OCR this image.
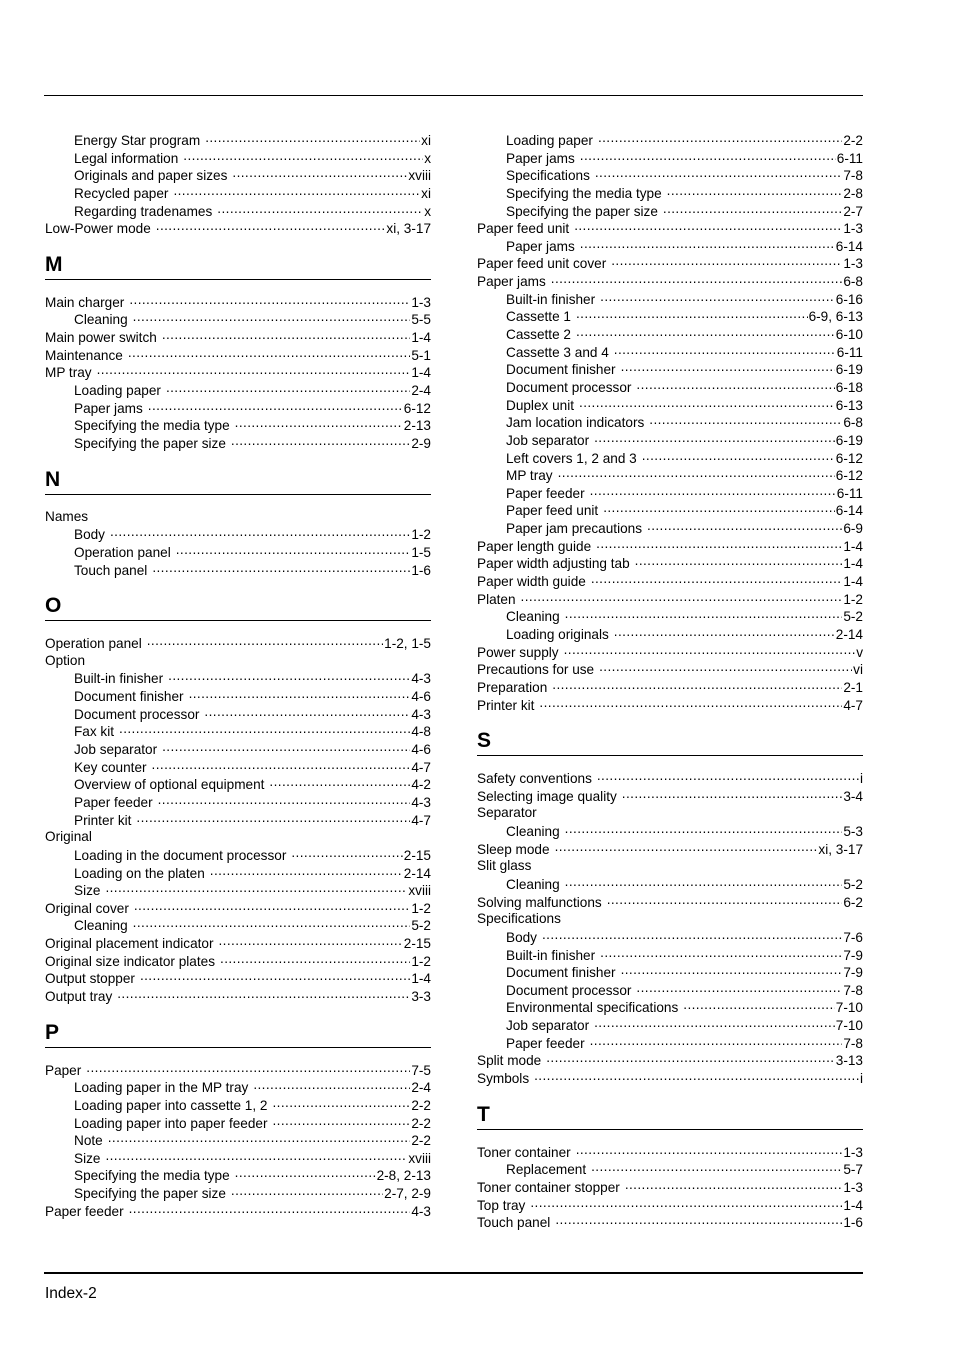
Energy Star program .....	xi
Legal information .....	x
Originals and paper sizes .....	xviii
Recycled paper .....	xi
Regarding tradenames .....	x
Low-Power mode .....	xi, 3-17
M
Main charger .....	1-3
Cleaning .....	5-5
Main power switch .....	1-4
Maintenance .....	5-1
MP tray .....	1-4
Loading paper .....	2-4
Paper jams .....	6-12
Specifying the media type .....	2-13
Specifying the paper size .....	2-9
N
Names
Body .....	1-2
Operation panel .....	1-5
Touch panel .....	1-6
O
Operation panel .....	1-2, 1-5
Option
Built-in finisher .....	4-3
Document finisher .....	4-6
Document processor .....	4-3
Fax kit .....	4-8
Job separator .....	4-6
Key counter .....	4-7
Overview of optional equipment .....	4-2
Paper feeder .....	4-3
Printer kit .....	4-7
Original
Loading in the document processor .....	2-15
Loading on the platen .....	2-14
Size .....	xviii
Original cover .....	1-2
Cleaning .....	5-2
Original placement indicator .....	2-15
Original size indicator plates .....	1-2
Output stopper .....	1-4
Output tray .....	3-3
P
Paper .....	7-5
Loading paper in the MP tray .....	2-4
Loading paper into cassette 1, 2 .....	2-2
Loading paper into paper feeder .....	2-2
Note .....	2-2
Size .....	xviii
Specifying the media type .....	2-8, 2-13
Specifying the paper size .....	2-7, 2-9
Paper feeder .....	4-3
Loading paper .....	2-2
Paper jams .....	6-11
Specifications .....	7-8
Specifying the media type .....	2-8
Specifying the paper size .....	2-7
Paper feed unit .....	1-3
Paper jams .....	6-14
Paper feed unit cover .....	1-3
Paper jams .....	6-8
Built-in finisher .....	6-16
Cassette 1 .....	6-9, 6-13
Cassette 2 .....	6-10
Cassette 3 and 4 .....	6-11
Document finisher .....	6-19
Document processor .....	6-18
Duplex unit .....	6-13
Jam location indicators .....	6-8
Job separator .....	6-19
Left covers 1, 2 and 3 .....	6-12
MP tray .....	6-12
Paper feeder .....	6-11
Paper feed unit .....	6-14
Paper jam precautions .....	6-9
Paper length guide .....	1-4
Paper width adjusting tab .....	1-4
Paper width guide .....	1-4
Platen .....	1-2
Cleaning .....	5-2
Loading originals .....	2-14
Power supply .....	v
Precautions for use .....	vi
Preparation .....	2-1
Printer kit .....	4-7
S
Safety conventions .....	i
Selecting image quality .....	3-4
Separator
Cleaning .....	5-3
Sleep mode .....	xi, 3-17
Slit glass
Cleaning .....	5-2
Solving malfunctions .....	6-2
Specifications
Body .....	7-6
Built-in finisher .....	7-9
Document finisher .....	7-9
Document processor .....	7-8
Environmental specifications .....	7-10
Job separator .....	7-10
Paper feeder .....	7-8
Split mode .....	3-13
Symbols .....	i
T
Toner container .....	1-3
Replacement .....	5-7
Toner container stopper .....	1-3
Top tray .....	1-4
Touch panel .....	1-6
Index-2
